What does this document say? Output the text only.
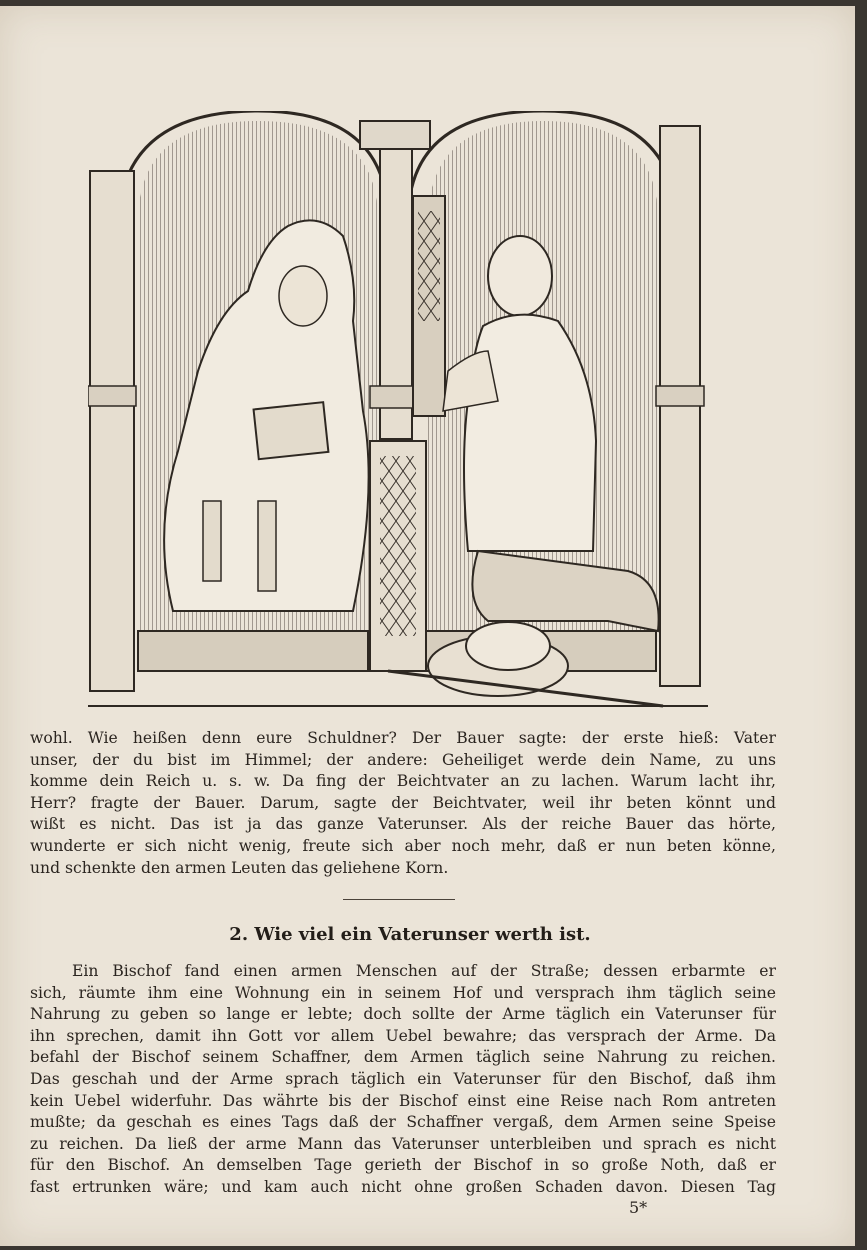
wohl. Wie heißen denn eure Schuldner? Der Bauer sagte: der erste hieß: Vater
unser, der du bist im Himmel; der andere: Geheiliget werde dein Name, zu uns
komme dein Reich u. s. w. Da fing der Beichtvater an zu lachen. Warum lacht ihr,
Herr? fragte der Bauer. Darum, sagte der Beichtvater, weil ihr beten könnt und
wißt es nicht. Das ist ja das ganze Vaterunser. Als der reiche Bauer das hörte,
wunderte er sich nicht wenig, freute sich aber noch mehr, daß er nun beten könne,
und schenkte den armen Leuten das geliehene Korn.
2. Wie viel ein Vaterunser werth ist.
Ein Bischof fand einen armen Menschen auf der Straße; dessen erbarmte er
sich, räumte ihm eine Wohnung ein in seinem Hof und versprach ihm täglich seine
Nahrung zu geben so lange er lebte; doch sollte der Arme täglich ein Vaterunser für
ihn sprechen, damit ihn Gott vor allem Uebel bewahre; das versprach der Arme. Da
befahl der Bischof seinem Schaffner, dem Armen täglich seine Nahrung zu reichen.
Das geschah und der Arme sprach täglich ein Vaterunser für den Bischof, daß ihm
kein Uebel widerfuhr. Das währte bis der Bischof einst eine Reise nach Rom antreten
mußte; da geschah es eines Tags daß der Schaffner vergaß, dem Armen seine Speise
zu reichen. Da ließ der arme Mann das Vaterunser unterbleiben und sprach es nicht
für den Bischof. An demselben Tage gerieth der Bischof in so große Noth, daß er
fast ertrunken wäre; und kam auch nicht ohne großen Schaden davon. Diesen Tag
5*
